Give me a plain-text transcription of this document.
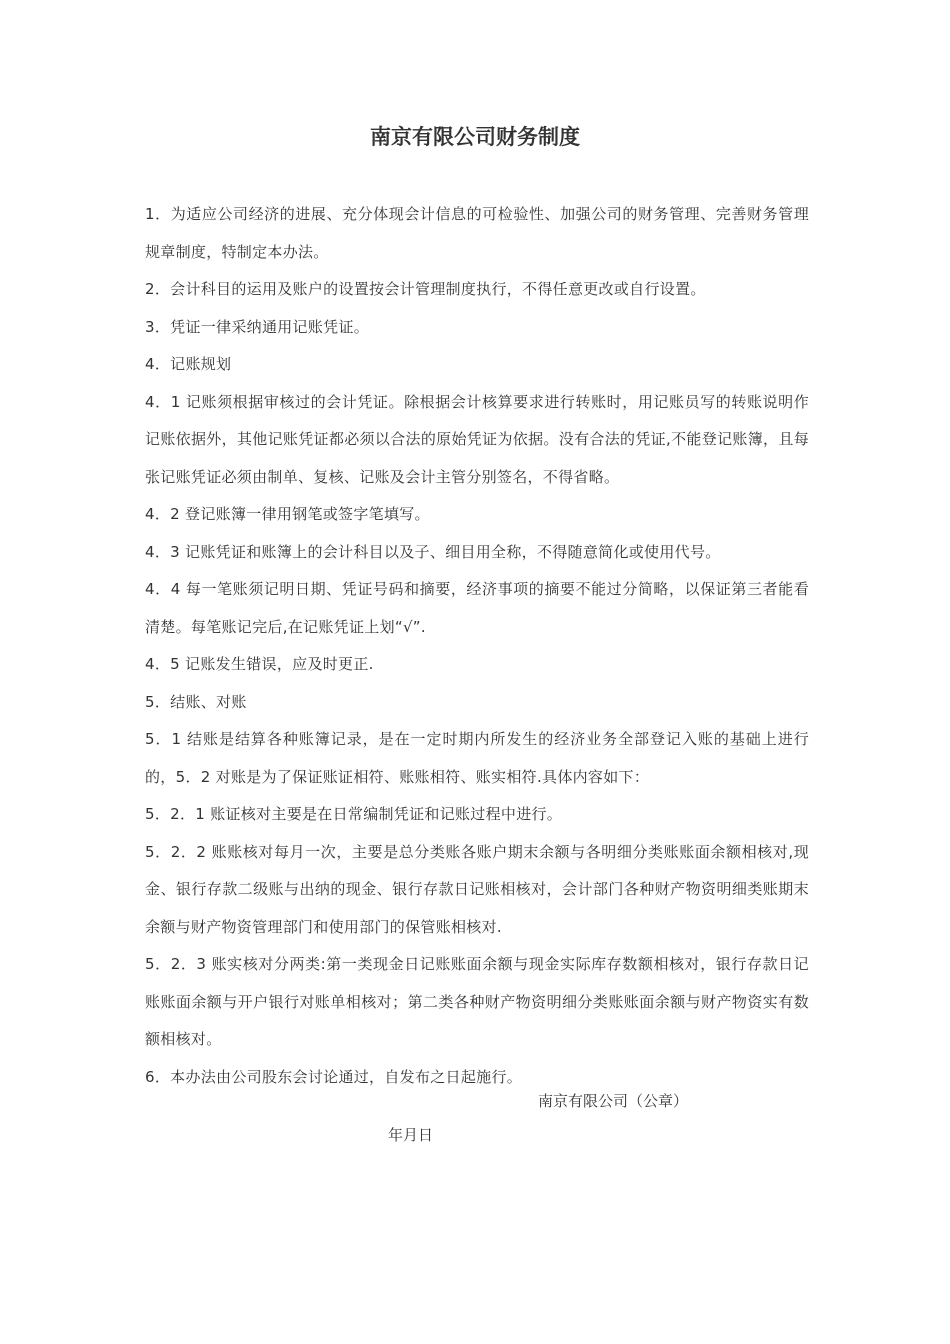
南京有限公司财务制度

1．为适应公司经济的进展、充分体现会计信息的可检验性、加强公司的财务管理、完善财务管理规章制度，特制定本办法。

2．会计科目的运用及账户的设置按会计管理制度执行，不得任意更改或自行设置。

3．凭证一律采纳通用记账凭证。

4．记账规划

4．1 记账须根据审核过的会计凭证。除根据会计核算要求进行转账时，用记账员写的转账说明作记账依据外，其他记账凭证都必须以合法的原始凭证为依据。没有合法的凭证,不能登记账簿，且每张记账凭证必须由制单、复核、记账及会计主管分别签名，不得省略。

4．2 登记账簿一律用钢笔或签字笔填写。

4．3 记账凭证和账簿上的会计科目以及子、细目用全称，不得随意简化或使用代号。

4．4 每一笔账须记明日期、凭证号码和摘要，经济事项的摘要不能过分简略，以保证第三者能看清楚。每笔账记完后,在记账凭证上划“√”.

4．5 记账发生错误，应及时更正.

5．结账、对账

5．1 结账是结算各种账簿记录，是在一定时期内所发生的经济业务全部登记入账的基础上进行的，5．2 对账是为了保证账证相符、账账相符、账实相符.具体内容如下：

5．2．1 账证核对主要是在日常编制凭证和记账过程中进行。

5．2．2 账账核对每月一次，主要是总分类账各账户期末余额与各明细分类账账面余额相核对,现金、银行存款二级账与出纳的现金、银行存款日记账相核对，会计部门各种财产物资明细类账期末余额与财产物资管理部门和使用部门的保管账相核对.

5．2．3 账实核对分两类:第一类现金日记账账面余额与现金实际库存数额相核对，银行存款日记账账面余额与开户银行对账单相核对；第二类各种财产物资明细分类账账面余额与财产物资实有数额相核对。

6．本办法由公司股东会讨论通过，自发布之日起施行。

南京有限公司（公章）
年月日
